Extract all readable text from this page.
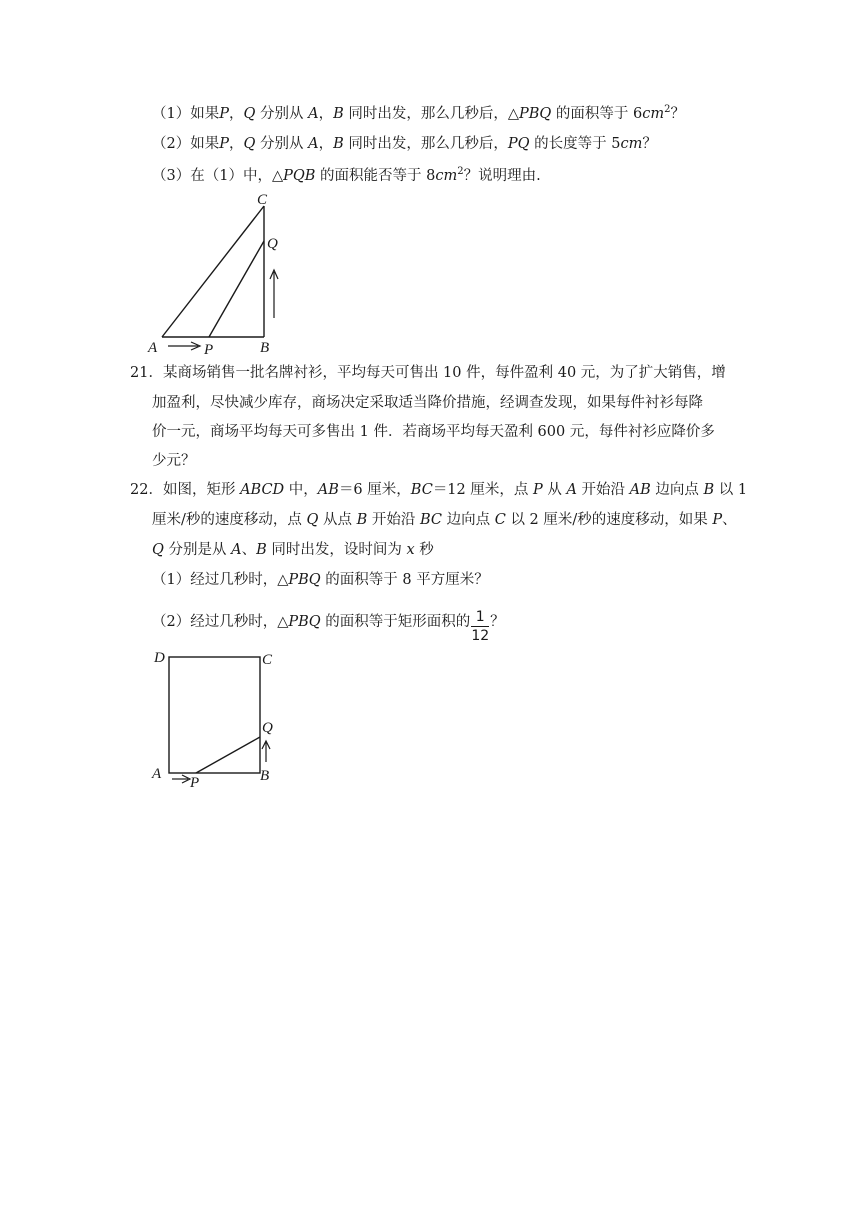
（1）如果P，Q 分别从 A，B 同时出发，那么几秒后，△PBQ 的面积等于 $6cm^2$？
（2）如果P，Q 分别从 A，B 同时出发，那么几秒后，PQ 的长度等于 5cm？
（3）在（1）中，△PQB 的面积能否等于 $8cm^2$？说明理由.
C
Q
A	P	B
21．某商场销售一批名牌衬衫，平均每天可售出 10 件，每件盈利 40 元，为了扩大销售，增
加盈利，尽快减少库存，商场决定采取适当降价措施，经调查发现，如果每件衬衫每降
价一元，商场平均每天可多售出 1 件．若商场平均每天盈利 600 元，每件衬衫应降价多
少元？
22．如图，矩形 ABCD 中，AB＝6 厘米，BC＝12 厘米，点 P 从 A 开始沿 AB 边向点 B 以 1
厘米/秒的速度移动，点 Q 从点 B 开始沿 BC 边向点 C 以 2 厘米/秒的速度移动，如果 P、
Q 分别是从 A、B 同时出发，设时间为 x 秒
（1）经过几秒时，△PBQ 的面积等于 8 平方厘米？
（2）经过几秒时，△PBQ 的面积等于矩形面积的 $\frac{1}{12}$ ？
D	C
Q
A
P	B
